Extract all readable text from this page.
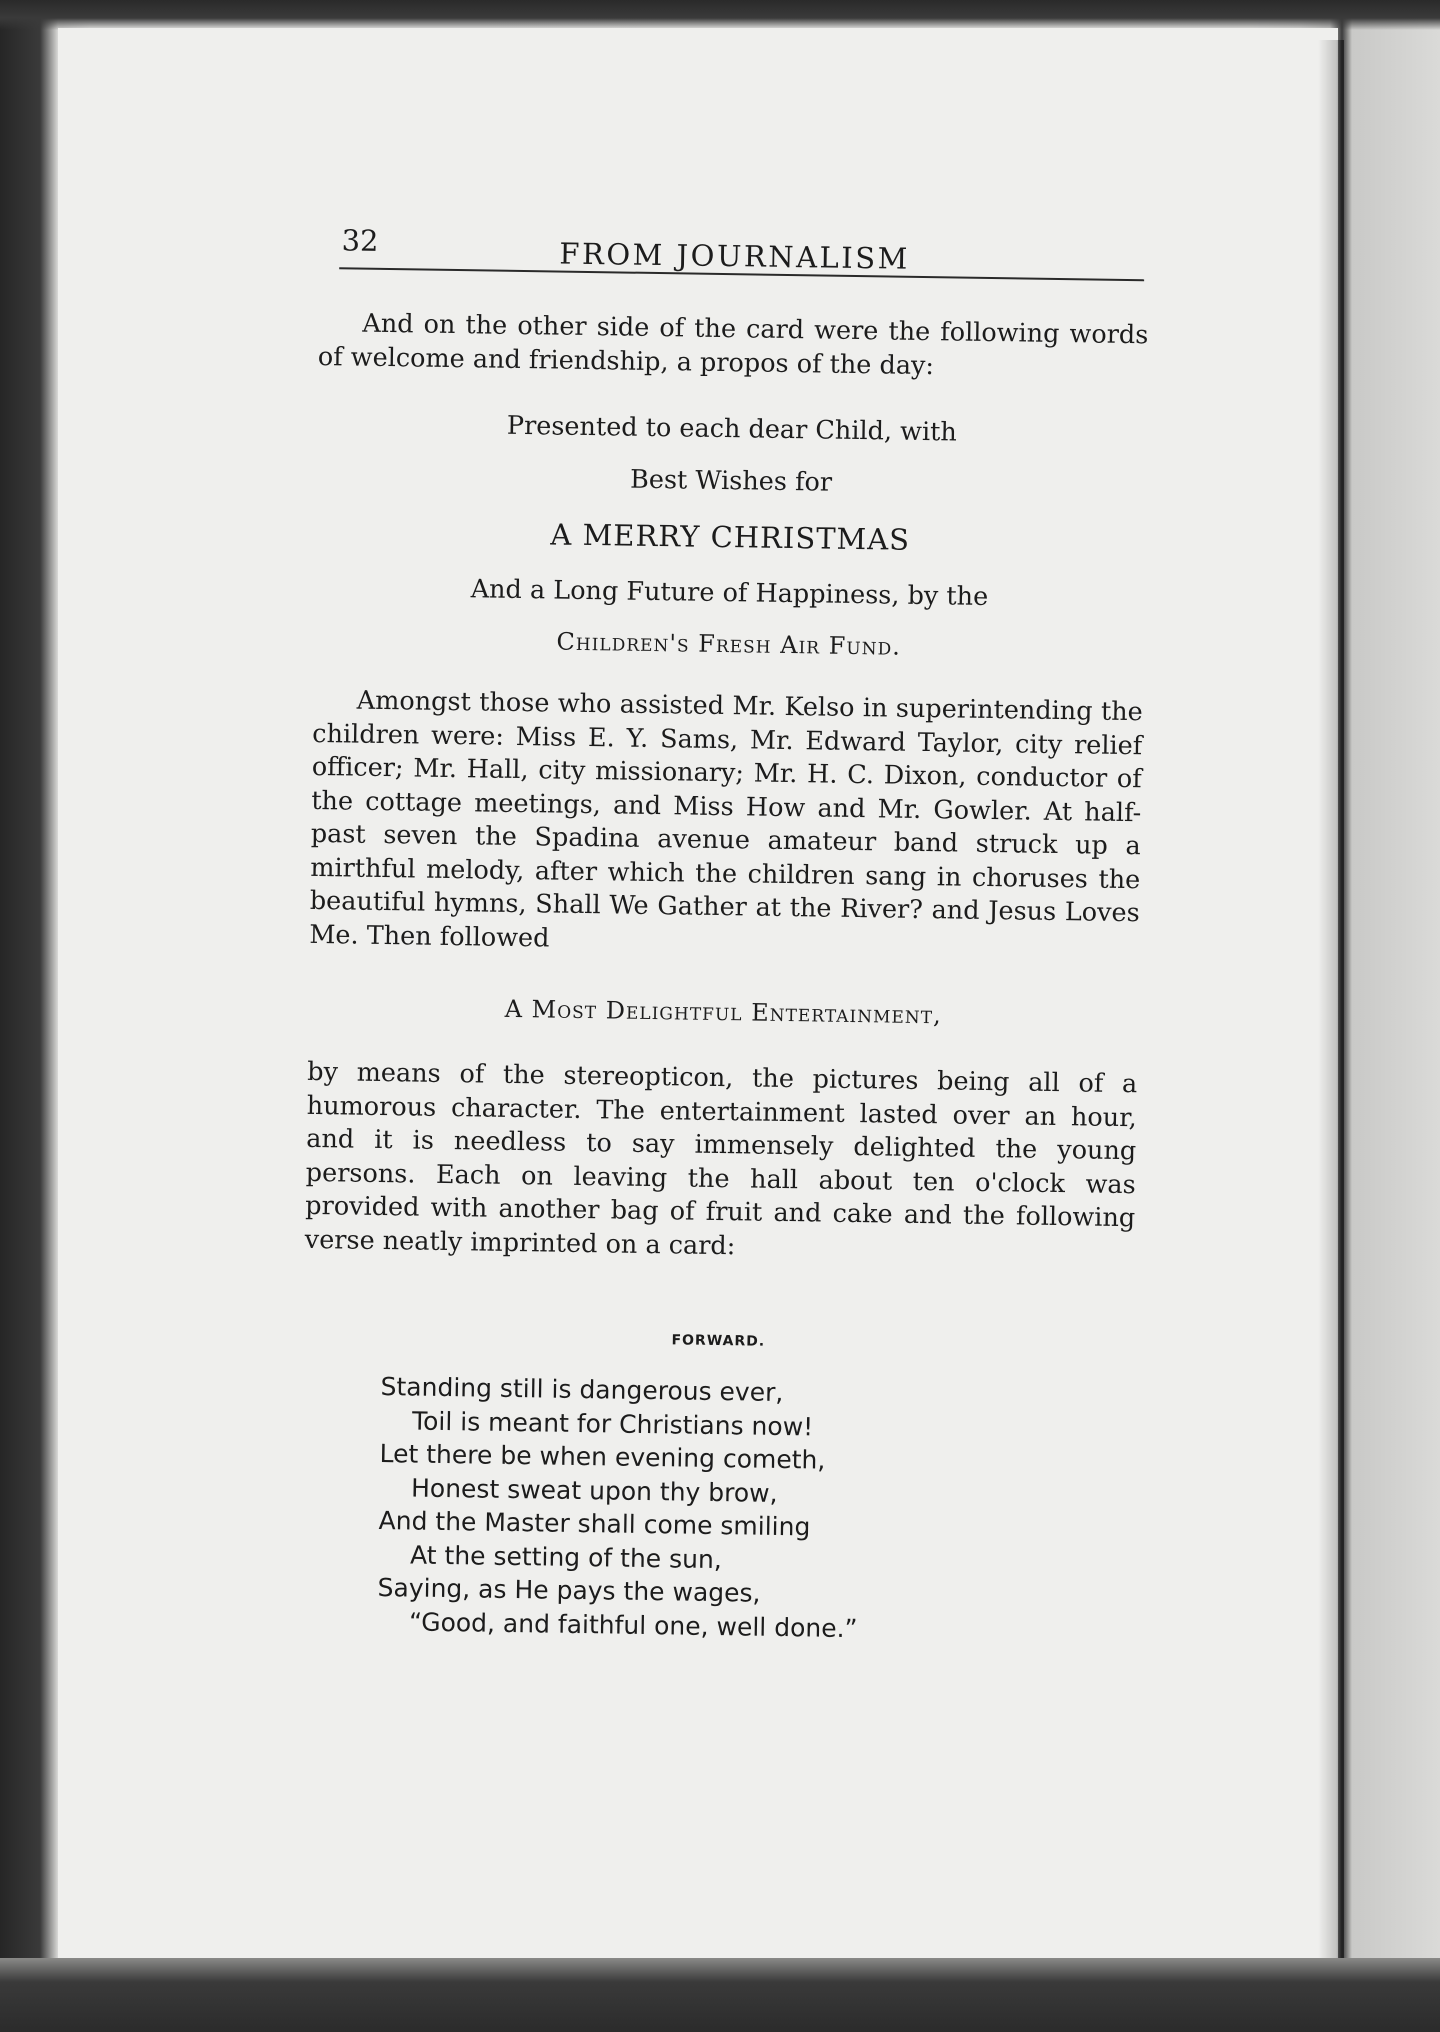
32	FROM JOURNALISM

And on the other side of the card were the following words of welcome and friendship, a propos of the day:

Presented to each dear Child, with

Best Wishes for

A MERRY CHRISTMAS

And a Long Future of Happiness, by the

Children's Fresh Air Fund.

Amongst those who assisted Mr. Kelso in superintending the children were: Miss E. Y. Sams, Mr. Edward Taylor, city relief officer; Mr. Hall, city missionary; Mr. H. C. Dixon, conductor of the cottage meetings, and Miss How and Mr. Gowler. At half-past seven the Spadina avenue amateur band struck up a mirthful melody, after which the children sang in choruses the beautiful hymns, Shall We Gather at the River? and Jesus Loves Me. Then followed

A Most Delightful Entertainment,

by means of the stereopticon, the pictures being all of a humorous character. The entertainment lasted over an hour, and it is needless to say immensely delighted the young persons. Each on leaving the hall about ten o'clock was provided with another bag of fruit and cake and the following verse neatly imprinted on a card:

FORWARD.

Standing still is dangerous ever,
Toil is meant for Christians now!
Let there be when evening cometh,
Honest sweat upon thy brow,
And the Master shall come smiling
At the setting of the sun,
Saying, as He pays the wages,
“Good, and faithful one, well done.”
